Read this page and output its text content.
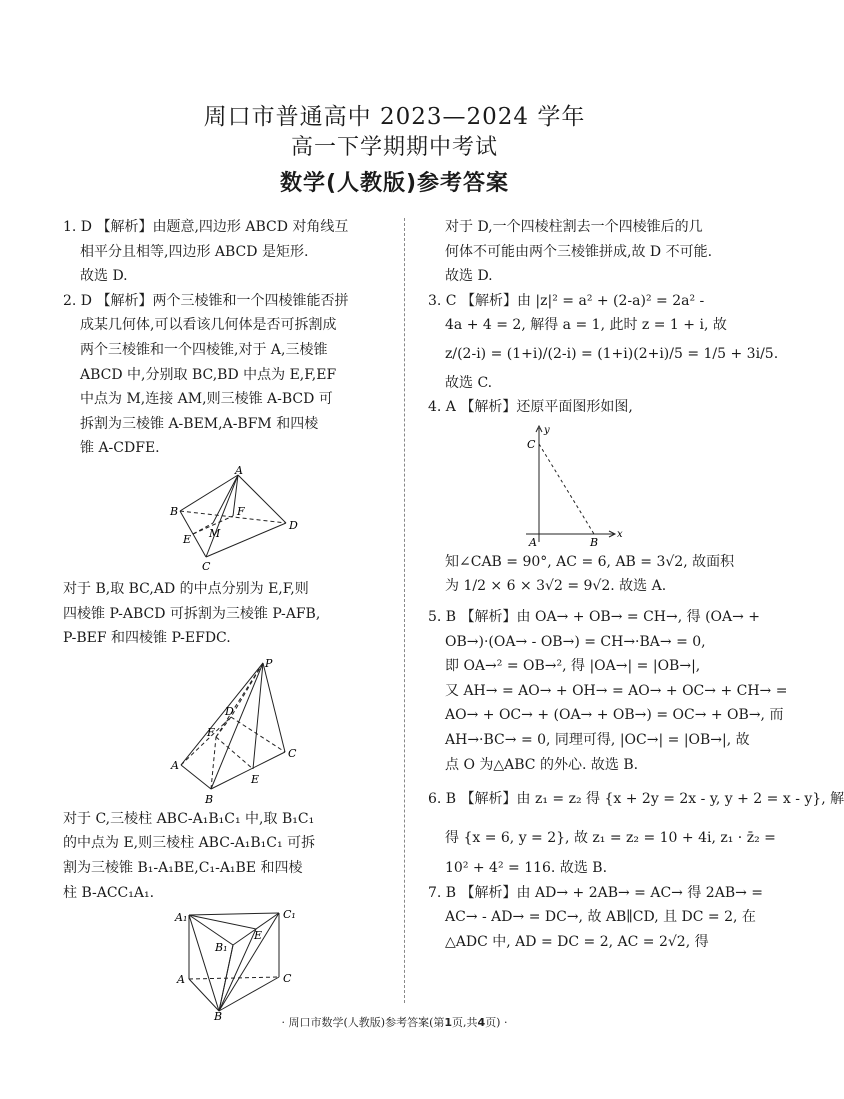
周口市普通高中 2023—2024 学年
高一下学期期中考试
数学(人教版)参考答案
1. D 【解析】由题意,四边形 ABCD 对角线互
相平分且相等,四边形 ABCD 是矩形.
故选 D.
2. D 【解析】两个三棱锥和一个四棱锥能否拼
成某几何体,可以看该几何体是否可拆割成
两个三棱锥和一个四棱锥,对于 A,三棱锥
ABCD 中,分别取 BC,BD 中点为 E,F,EF
中点为 M,连接 AM,则三棱锥 A-BCD 可
拆割为三棱锥 A-BEM,A-BFM 和四棱
锥 A-CDFE.
A
B
C
D
E
F
M
对于 B,取 BC,AD 的中点分别为 E,F,则
四棱锥 P-ABCD 可拆割为三棱锥 P-AFB,
P-BEF 和四棱锥 P-EFDC.
P
A
B
C
D
E
F
对于 C,三棱柱 ABC-A₁B₁C₁ 中,取 B₁C₁
的中点为 E,则三棱柱 ABC-A₁B₁C₁ 可拆
割为三棱锥 B₁-A₁BE,C₁-A₁BE 和四棱
柱 B-ACC₁A₁.
A₁
B₁
C₁
E
A
B
C
对于 D,一个四棱柱割去一个四棱锥后的几
何体不可能由两个三棱锥拼成,故 D 不可能.
故选 D.
3. C 【解析】由 |z|² = a² + (2-a)² = 2a² -
4a + 4 = 2, 解得 a = 1, 此时 z = 1 + i, 故
z/(2-i) = (1+i)/(2-i) = (1+i)(2+i)/5 = 1/5 + 3i/5.
故选 C.
4. A 【解析】还原平面图形如图,
y
C
A	B
x
知∠CAB = 90°, AC = 6, AB = 3√2, 故面积
为 1/2 × 6 × 3√2 = 9√2. 故选 A.
5. B 【解析】由 OA→ + OB→ = CH→, 得 (OA→ +
OB→)·(OA→ - OB→) = CH→·BA→ = 0,
即 OA→² = OB→², 得 |OA→| = |OB→|,
又 AH→ = AO→ + OH→ = AO→ + OC→ + CH→ =
AO→ + OC→ + (OA→ + OB→) = OC→ + OB→, 而
AH→·BC→ = 0, 同理可得, |OC→| = |OB→|, 故
点 O 为△ABC 的外心. 故选 B.
6. B 【解析】由 z₁ = z₂ 得 {x + 2y = 2x - y, y + 2 = x - y}, 解
得 {x = 6, y = 2}, 故 z₁ = z₂ = 10 + 4i, z₁ · z̄₂ =
10² + 4² = 116. 故选 B.
7. B 【解析】由 AD→ + 2AB→ = AC→ 得 2AB→ =
AC→ - AD→ = DC→, 故 AB∥CD, 且 DC = 2, 在
△ADC 中, AD = DC = 2, AC = 2√2, 得
· 周口市数学(人教版)参考答案(第1页,共4页) ·
